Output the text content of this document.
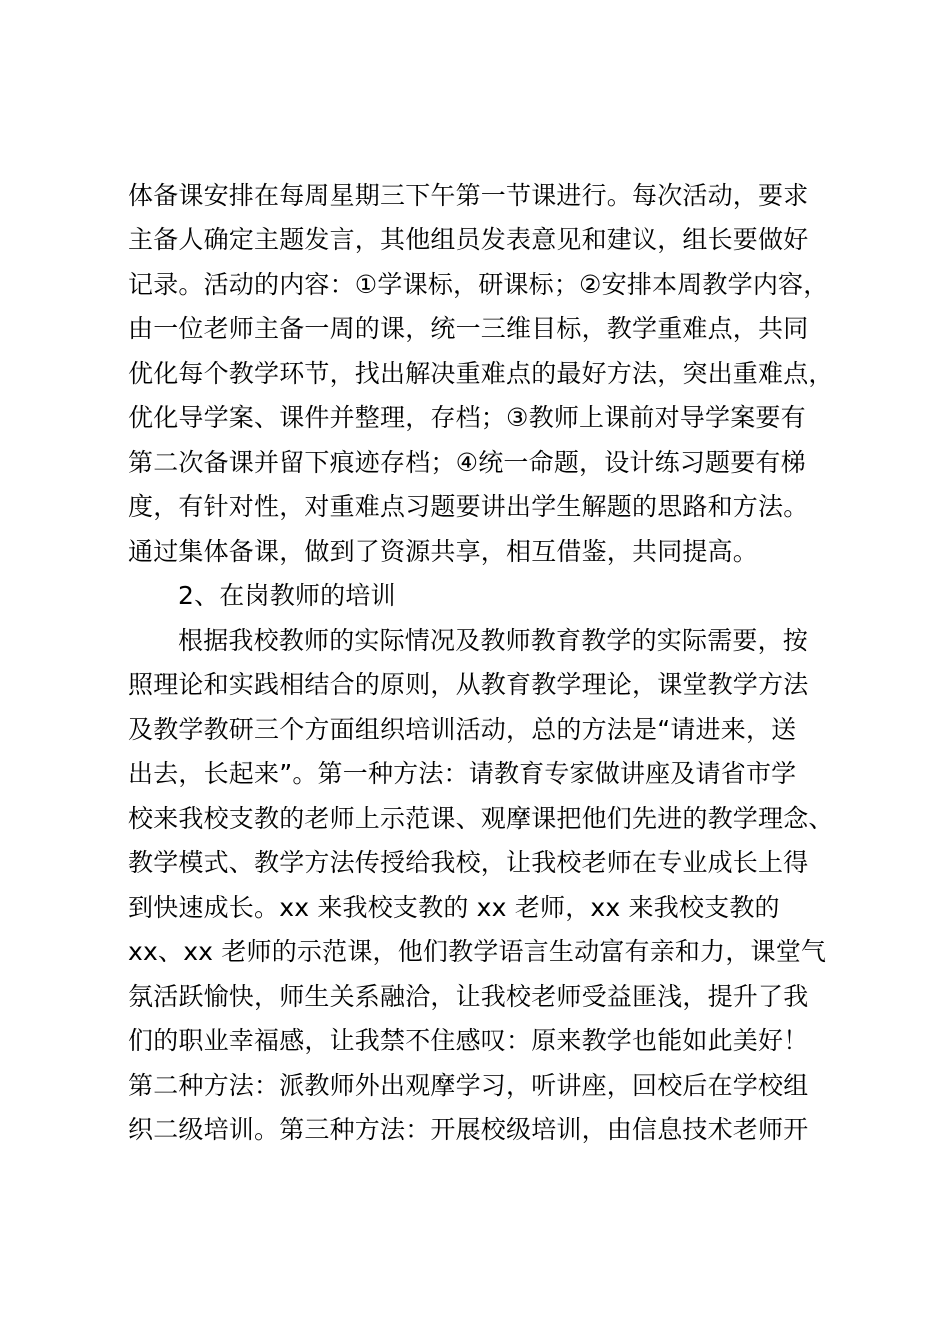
体备课安排在每周星期三下午第一节课进行。每次活动，要求
主备人确定主题发言，其他组员发表意见和建议，组长要做好
记录。活动的内容：①学课标，研课标；②安排本周教学内容，
由一位老师主备一周的课，统一三维目标，教学重难点，共同
优化每个教学环节，找出解决重难点的最好方法，突出重难点，
优化导学案、课件并整理，存档；③教师上课前对导学案要有
第二次备课并留下痕迹存档；④统一命题，设计练习题要有梯
度，有针对性，对重难点习题要讲出学生解题的思路和方法。
通过集体备课，做到了资源共享，相互借鉴，共同提高。
2、在岗教师的培训
根据我校教师的实际情况及教师教育教学的实际需要，按
照理论和实践相结合的原则，从教育教学理论，课堂教学方法
及教学教研三个方面组织培训活动，总的方法是“请进来，送
出去，长起来”。第一种方法：请教育专家做讲座及请省市学
校来我校支教的老师上示范课、观摩课把他们先进的教学理念、
教学模式、教学方法传授给我校，让我校老师在专业成长上得
到快速成长。xx 来我校支教的 xx 老师，xx 来我校支教的
xx、xx 老师的示范课，他们教学语言生动富有亲和力，课堂气
氛活跃愉快，师生关系融洽，让我校老师受益匪浅，提升了我
们的职业幸福感，让我禁不住感叹：原来教学也能如此美好！
第二种方法：派教师外出观摩学习，听讲座，回校后在学校组
织二级培训。第三种方法：开展校级培训，由信息技术老师开
